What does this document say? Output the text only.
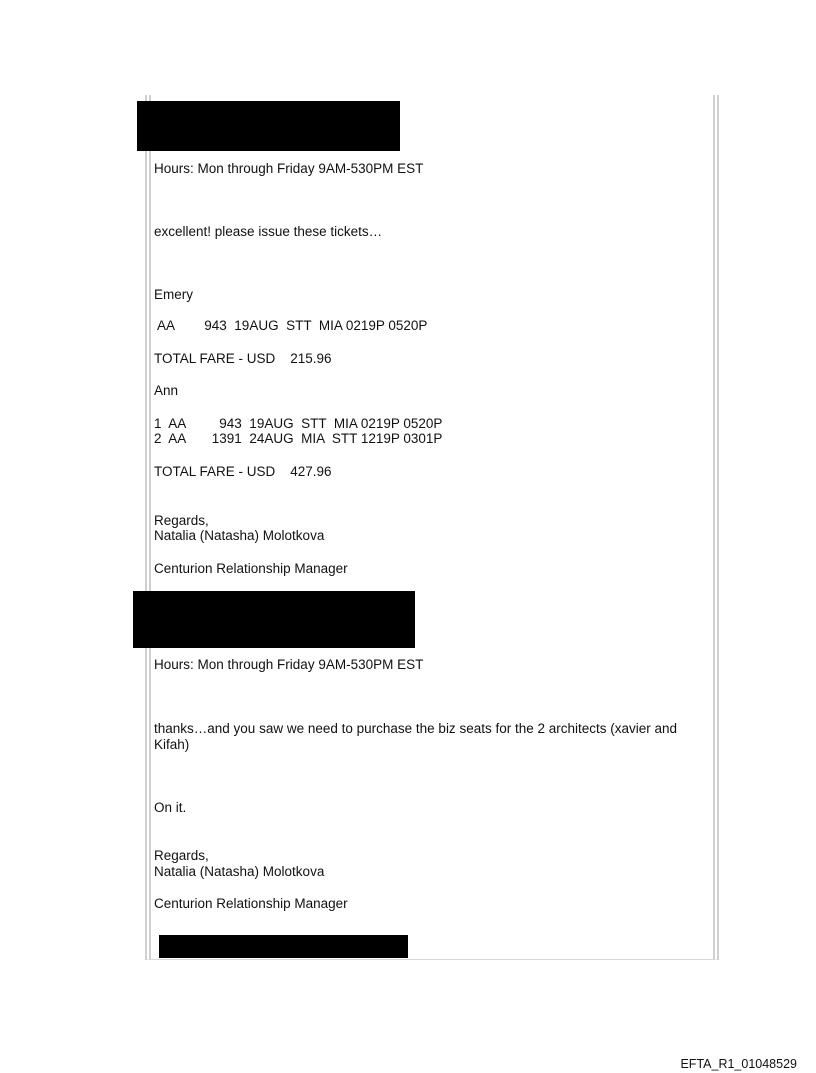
Hours: Mon through Friday 9AM-530PM EST

excellent! please issue these tickets…

Emery

AA        943  19AUG  STT  MIA 0219P 0520P

TOTAL FARE - USD    215.96

Ann

1  AA         943  19AUG  STT  MIA 0219P 0520P

2  AA       1391  24AUG  MIA  STT 1219P 0301P

TOTAL FARE - USD    427.96

Regards,

Natalia (Natasha) Molotkova

Centurion Relationship Manager

Hours: Mon through Friday 9AM-530PM EST

thanks…and you saw we need to purchase the biz seats for the 2 architects (xavier and Kifah)

On it.

Regards,

Natalia (Natasha) Molotkova

Centurion Relationship Manager

EFTA_R1_01048529
